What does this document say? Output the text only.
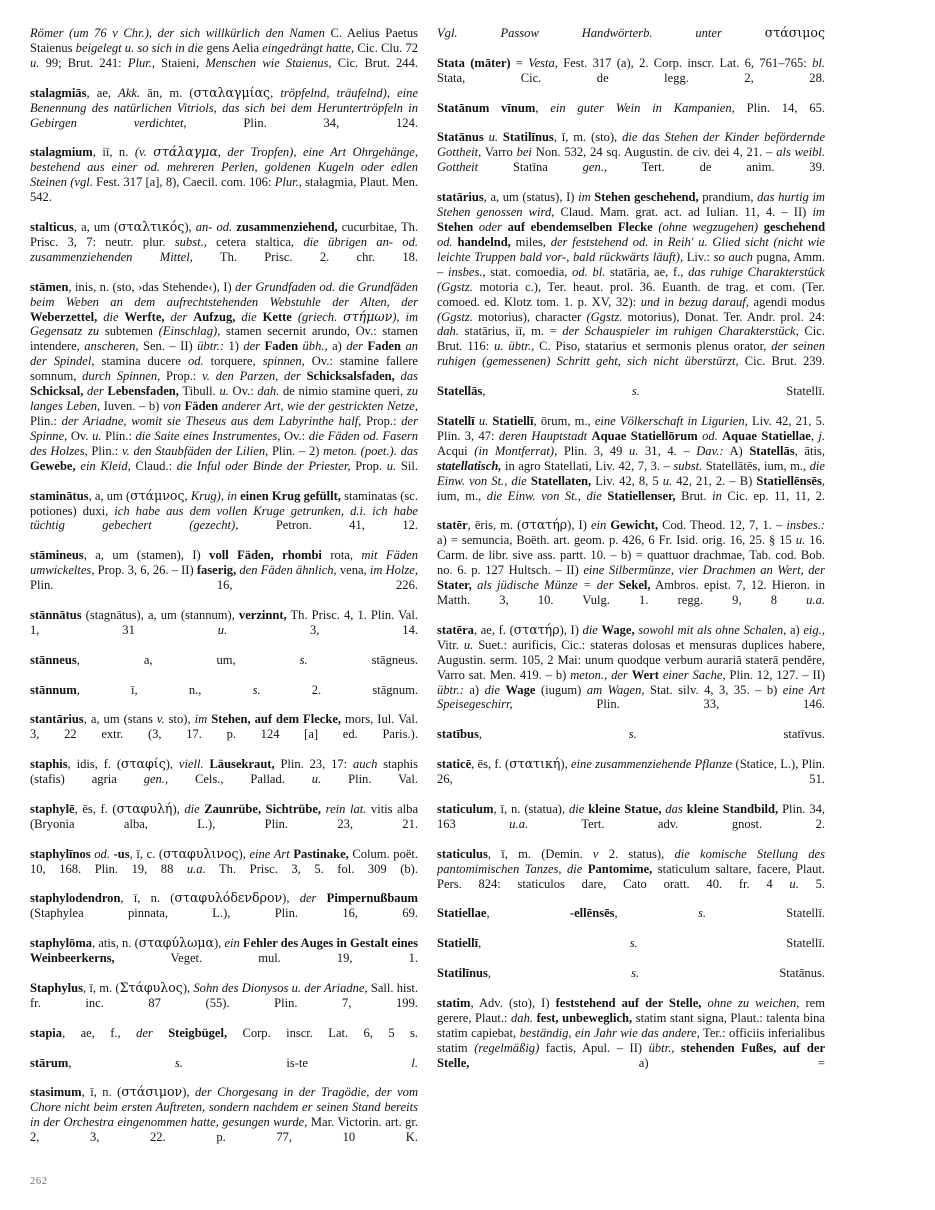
Römer (um 76 v Chr.), der sich willkürlich den Namen C. Aelius Paetus Staienus beigelegt u. so sich in die gens Aelia eingedrängt hatte, Cic. Clu. 72 u. 99; Brut. 241: Plur., Staieni, Menschen wie Staienus, Cic. Brut. 244.

stalagmiās, ae, Akk. ān, m. (σταλαγμίας, tröpfelnd, träufelnd), eine Benennung des natürlichen Vitriols, das sich bei dem Heruntertröpfeln in Gebirgen verdichtet, Plin. 34, 124.

stalagmium, iī, n. (v. στάλαγμα, der Tropfen), eine Art Ohrgehänge, bestehend aus einer od. mehreren Perlen, goldenen Kugeln oder edlen Steinen (vgl. Fest. 317 [a], 8), Caecil. com. 106: Plur., stalagmia, Plaut. Men. 542.

stalticus, a, um (σταλτικός), an- od. zusammenziehend, cucurbitae, Th. Prisc. 3, 7: neutr. plur. subst., cetera staltica, die übrigen an- od. zusammenziehenden Mittel, Th. Prisc. 2. chr. 18.

stāmen, inis, n. (sto, ›das Stehende‹), I) der Grundfaden od. die Grundfäden beim Weben an dem aufrechtstehenden Webstuhle der Alten, der Weberzettel, die Werfte, der Aufzug, die Kette (griech. στήμων), im Gegensatz zu subtemen (Einschlag), stamen secernit arundo, Ov.: stamen intendere, anscheren, Sen. – II) übtr.: 1) der Faden übh., a) der Faden an der Spindel, stamina ducere od. torquere, spinnen, Ov.: stamine fallere somnum, durch Spinnen, Prop.: v. den Parzen, der Schicksalsfaden, das Schicksal, der Lebensfaden, Tibull. u. Ov.: dah. de nimio stamine queri, zu langes Leben, Iuven. – b) von Fäden anderer Art, wie der gestrickten Netze, Plin.: der Ariadne, womit sie Theseus aus dem Labyrinthe half, Prop.: der Spinne, Ov. u. Plin.: die Saite eines Instrumentes, Ov.: die Fäden od. Fasern des Holzes, Plin.: v. den Staubfäden der Lilien, Plin. – 2) meton. (poet.). das Gewebe, ein Kleid, Claud.: die Inful oder Binde der Priester, Prop. u. Sil.

staminātus, a, um (στάμνος, Krug), in einen Krug gefüllt, staminatas (sc. potiones) duxi, ich habe aus dem vollen Kruge getrunken, d.i. ich habe tüchtig gebechert (gezecht), Petron. 41, 12.

stāmineus, a, um (stamen), I) voll Fäden, rhombi rota, mit Fäden umwickeltes, Prop. 3, 6, 26. – II) faserig, den Fäden ähnlich, vena, im Holze, Plin. 16, 226.

stānnātus (stagnātus), a, um (stannum), verzinnt, Th. Prisc. 4, 1. Plin. Val. 1, 31 u. 3, 14.

stānneus, a, um, s. stāgneus.

stānnum, ī, n., s. 2. stāgnum.

stantārius, a, um (stans v. sto), im Stehen, auf dem Flecke, mors, Iul. Val. 3, 22 extr. (3, 17. p. 124 [a] ed. Paris.).

staphis, idis, f. (σταφίς), viell. Läusekraut, Plin. 23, 17: auch staphis (stafis) agria gen., Cels., Pallad. u. Plin. Val.

staphylē, ēs, f. (σταφυλή), die Zaunrübe, Sichtrübe, rein lat. vitis alba (Bryonia alba, L.), Plin. 23, 21.

staphylīnos od. -us, ī, c. (σταφυλινος), eine Art Pastinake, Colum. poët. 10, 168. Plin. 19, 88 u.a. Th. Prisc. 3, 5. fol. 309 (b).

staphylodendron, ī, n. (σταφυλόδενδρον), der Pimpernußbaum (Staphylea pinnata, L.), Plin. 16, 69.

staphylōma, atis, n. (σταφύλωμα), ein Fehler des Auges in Gestalt eines Weinbeerkerns, Veget. mul. 19, 1.

Staphylus, ī, m. (Στάφυλος), Sohn des Dionysos u. der Ariadne, Sall. hist. fr. inc. 87 (55). Plin. 7, 199.

stapia, ae, f., der Steigbügel, Corp. inscr. Lat. 6, 5 s.

stārum, s. is-te l.

stasimum, ī, n. (στάσιμον), der Chorgesang in der Tragödie, der vom Chore nicht beim ersten Auftreten, sondern nachdem er seinen Stand bereits in der Orchestra eingenommen hatte, gesungen wurde, Mar. Victorin. art. gr. 2, 3, 22. p. 77, 10 K.

Vgl. Passow Handwörterb. unter	στάσιμος

Stata (māter) = Vesta, Fest. 317 (a), 2. Corp. inscr. Lat. 6, 761–765: bl. Stata, Cic. de legg. 2, 28.

Statānum vīnum, ein guter Wein in Kampanien, Plin. 14, 65.

Statānus u. Statilīnus, ī, m. (sto), die das Stehen der Kinder befördernde Gottheit, Varro bei Non. 532, 24 sq. Augustin. de civ. dei 4, 21. – als weibl. Gottheit Statīna gen., Tert. de anim. 39.

statārius, a, um (status), I) im Stehen geschehend, prandium, das hurtig im Stehen genossen wird, Claud. Mam. grat. act. ad Iulian. 11, 4. – II) im Stehen oder auf ebendemselben Flecke (ohne wegzugehen) geschehend od. handelnd, miles, der feststehend od. in Reih' u. Glied sicht (nicht wie leichte Truppen bald vor-, bald rückwärts läuft), Liv.: so auch pugna, Amm. – insbes., stat. comoedia, od. bl. statāria, ae, f., das ruhige Charakterstück (Ggstz. motoria c.), Ter. heaut. prol. 36. Euanth. de trag. et com. (Ter. comoed. ed. Klotz tom. 1. p. XV, 32): und in bezug darauf, agendi modus (Ggstz. motorius), character (Ggstz. motorius), Donat. Ter. Andr. prol. 24: dah. statārius, iī, m. = der Schauspieler im ruhigen Charakterstück, Cic. Brut. 116: u. übtr., C. Piso, statarius et sermonis plenus orator, der seinen ruhigen (gemessenen) Schritt geht, sich nicht überstürzt, Cic. Brut. 239.

Statellās, s. Statellī.

Statellī u. Statiellī, ōrum, m., eine Völkerschaft in Ligurien, Liv. 42, 21, 5. Plin. 3, 47: deren Hauptstadt Aquae Statiellōrum od. Aquae Statiellae, j. Acqui (in Montferrat), Plin. 3, 49 u. 31, 4. – Dav.: A) Statellās, ātis, statellatisch, in agro Statellati, Liv. 42, 7, 3. – subst. Statellātēs, ium, m., die Einw. von St., die Statellaten, Liv. 42, 8, 5 u. 42, 21, 2. – B) Statiellēnsēs, ium, m., die Einw. von St., die Statiellenser, Brut. in Cic. ep. 11, 11, 2.

statēr, ēris, m. (στατήρ), I) ein Gewicht, Cod. Theod. 12, 7, 1. – insbes.: a) = semuncia, Boëth. art. geom. p. 426, 6 Fr. Isid. orig. 16, 25. § 15 u. 16. Carm. de libr. sive ass. partt. 10. – b) = quattuor drachmae, Tab. cod. Bob. no. 6. p. 127 Hultsch. – II) eine Silbermünze, vier Drachmen an Wert, der Stater, als jüdische Münze = der Sekel, Ambros. epist. 7, 12. Hieron. in Matth. 3, 10. Vulg. 1. regg. 9, 8 u.a.

statēra, ae, f. (στατήρ), I) die Wage, sowohl mit als ohne Schalen, a) eig., Vitr. u. Suet.: aurificis, Cic.: stateras dolosas et mensuras duplices habere, Augustin. serm. 105, 2 Mai: unum quodque verbum aurariā staterā pendĕre, Varro sat. Men. 419. – b) meton., der Wert einer Sache, Plin. 12, 127. – II) übtr.: a) die Wage (iugum) am Wagen, Stat. silv. 4, 3, 35. – b) eine Art Speisegeschirr, Plin. 33, 146.

statībus, s. statīvus.

staticē, ēs, f. (στατική), eine zusammenziehende Pflanze (Statice, L.), Plin. 26, 51.

staticulum, ī, n. (statua), die kleine Statue, das kleine Standbild, Plin. 34, 163 u.a. Tert. adv. gnost. 2.

staticulus, ī, m. (Demin. v 2. status), die komische Stellung des pantomimischen Tanzes, die Pantomime, staticulum saltare, facere, Plaut. Pers. 824: staticulos dare, Cato oratt. 40. fr. 4 u. 5.

Statiellae, -ellēnsēs, s. Statellī.

Statiellī, s. Statellī.

Statilīnus, s. Statānus.

statim, Adv. (sto), I) feststehend auf der Stelle, ohne zu weichen, rem gerere, Plaut.: dah. fest, unbeweglich, statim stant signa, Plaut.: talenta bina statim capiebat, beständig, ein Jahr wie das andere, Ter.: officiis inferialibus statim (regelmäßig) factis, Apul. – II) übtr., stehenden Fußes, auf der Stelle, a) =

262
